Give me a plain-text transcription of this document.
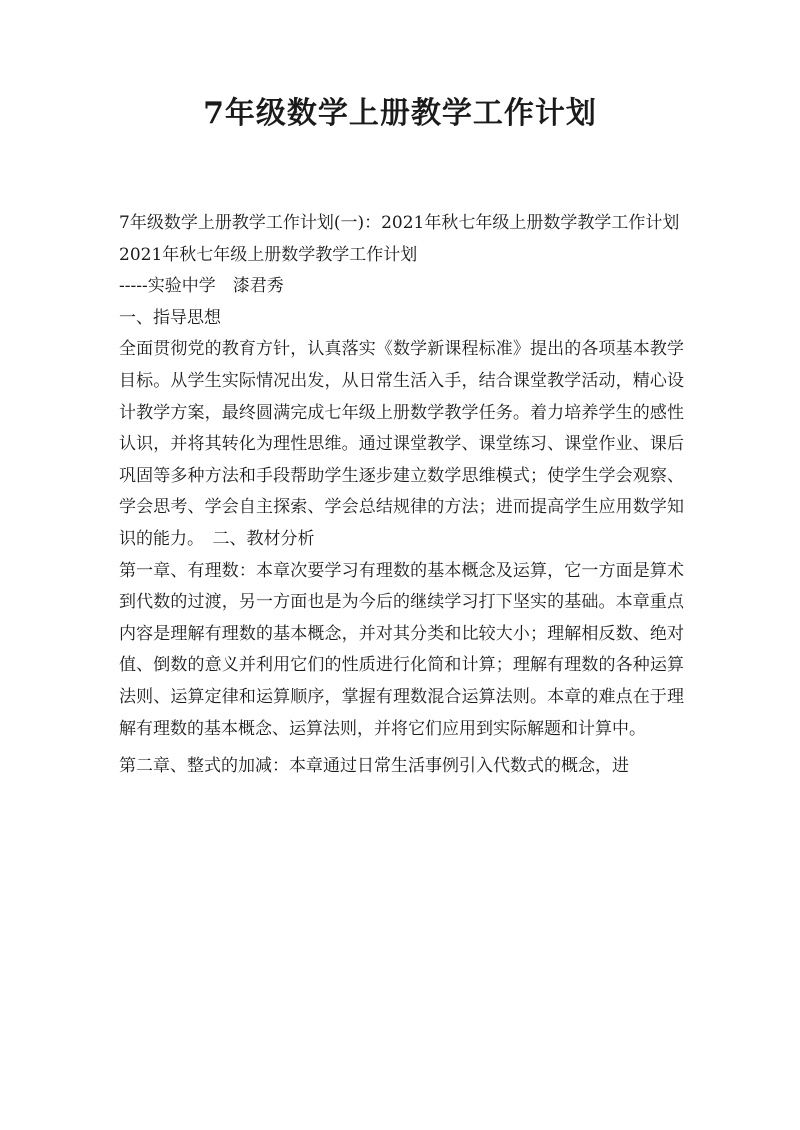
7年级数学上册教学工作计划

7年级数学上册教学工作计划(一)：2021年秋七年级上册数学教学工作计划

2021年秋七年级上册数学教学工作计划

-----实验中学　漆君秀

一、指导思想

全面贯彻党的教育方针，认真落实《数学新课程标准》提出的各项基本教学目标。从学生实际情况出发，从日常生活入手，结合课堂教学活动，精心设计教学方案，最终圆满完成七年级上册数学教学任务。着力培养学生的感性认识，并将其转化为理性思维。通过课堂教学、课堂练习、课堂作业、课后巩固等多种方法和手段帮助学生逐步建立数学思维模式；使学生学会观察、学会思考、学会自主探索、学会总结规律的方法；进而提高学生应用数学知识的能力。　二、教材分析

第一章、有理数：本章次要学习有理数的基本概念及运算，它一方面是算术到代数的过渡，另一方面也是为今后的继续学习打下坚实的基础。本章重点内容是理解有理数的基本概念，并对其分类和比较大小；理解相反数、绝对值、倒数的意义并利用它们的性质进行化简和计算；理解有理数的各种运算法则、运算定律和运算顺序，掌握有理数混合运算法则。本章的难点在于理解有理数的基本概念、运算法则，并将它们应用到实际解题和计算中。

第二章、整式的加减：本章通过日常生活事例引入代数式的概念，进
